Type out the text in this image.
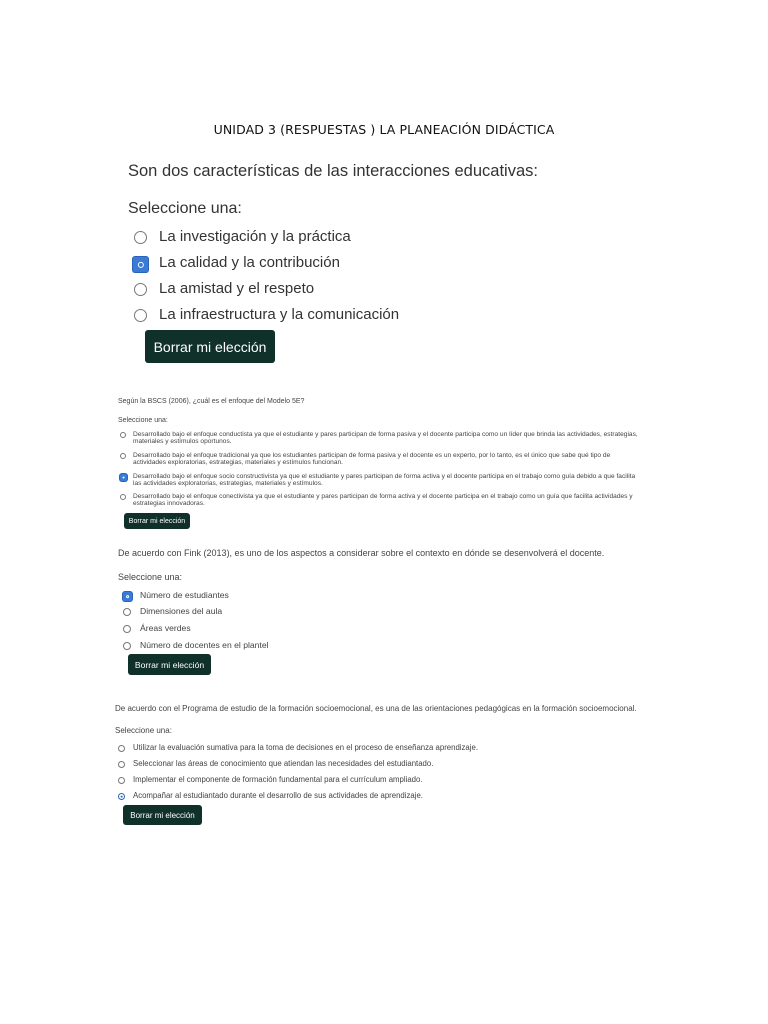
UNIDAD 3 (RESPUESTAS ) LA PLANEACIÓN DIDÁCTICA

Son dos características de las interacciones educativas:

Seleccione una:

La investigación y la práctica
La calidad y la contribución
La amistad y el respeto
La infraestructura y la comunicación
Borrar mi elección

Según la BSCS (2006), ¿cuál es el enfoque del Modelo 5E?

Seleccione una:

Desarrollado bajo el enfoque conductista ya que el estudiante y pares participan de forma pasiva y el docente participa como un líder que brinda las actividades, estrategias, materiales y estímulos oportunos.
Desarrollado bajo el enfoque tradicional ya que los estudiantes participan de forma pasiva y el docente es un experto, por lo tanto, es el único que sabe qué tipo de actividades exploratorias, estrategias, materiales y estímulos funcionan.
Desarrollado bajo el enfoque socio constructivista ya que el estudiante y pares participan de forma activa y el docente participa en el trabajo como guía debido a que facilita las actividades exploratorias, estrategias, materiales y estímulos.
Desarrollado bajo el enfoque conectivista ya que el estudiante y pares participan de forma activa y el docente participa en el trabajo como un guía que facilita actividades y estrategias innovadoras.
Borrar mi elección

De acuerdo con Fink (2013), es uno de los aspectos a considerar sobre el contexto en dónde se desenvolverá el docente.

Seleccione una:

Número de estudiantes
Dimensiones del aula
Áreas verdes
Número de docentes en el plantel
Borrar mi elección

De acuerdo con el Programa de estudio de la formación socioemocional, es una de las orientaciones pedagógicas en la formación socioemocional.

Seleccione una:

Utilizar la evaluación sumativa para la toma de decisiones en el proceso de enseñanza aprendizaje.
Seleccionar las áreas de conocimiento que atiendan las necesidades del estudiantado.
Implementar el componente de formación fundamental para el currículum ampliado.
Acompañar al estudiantado durante el desarrollo de sus actividades de aprendizaje.
Borrar mi elección
